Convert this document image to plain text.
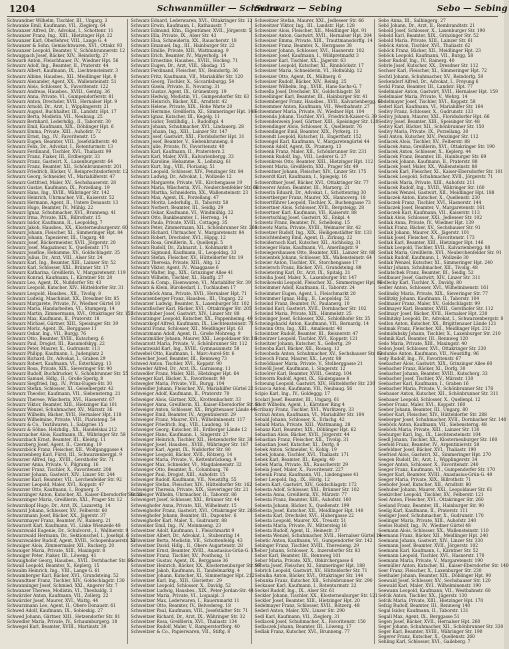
1204	Schwanmüller — Schwarz
Schwarz — Sebing	Sebo — Sebing
Schwandner Wilhelm, Tischler, III., Ungarg. 3
Schwanke Emil, Kaufmann, VII., Zieglerg. 64
Schwanzer Alfred, Dr., Advokat, I., Schottenr. 11
Schwanzer Franz, Ing., XIII., Hietzinger Hpt. 22
Schwanzer Karl, Oberlehrer, VIII., Lange G. 4
Schwanzer & Sohn, Gemischtwaren, XVI., Ottakr. 93
Schwanzer Leopold, Beamter, V., Schönbrunnerstr. 12
Schwappach Josef, Bäcker, XIV., Reindorfg. 27
Schwarb Anton, Fleischhauer, IV., Wiedner Hpt. 56
Schwarz Adolf, Ing., Beamter, II., Praterstr. 44
Schwarz Albert, Kaufmann, IX., Liechtensteinstr. 3
Schwarz Albine, Hausbes., XII., Meidlinger Hpt. 8
Schwarz Alexander, Agent, XX., Wallensteinstr. 51
Schwarz Alois, Schlosser, X., Favoritenstr. 122
Schwarz Andreas, Hausbes., XVIII., Gentzg. 36
Schwarz Anna, Private, VI., Gumpendorferstr. 81
Schwarz Anton, Drechsler, XVII., Hernalser Hpt. 9
Schwarz Arnold, Dr., Arzt, I., Wipplingerstr. 21
Schwarz August, Buchhalter, III., Landstr. Hpt. 17
Schwarz Berta, Modistin, VII., Neubaug. 25
Schwarz Bernhard, Lederhdlg., II., Taborstr. 30
Schwarz Emil, Kaufmann, XIX., Döblinger Hpt. 6
Schwarz Emma, Private, XIII., Auhofstr. 72
Schwarz Ernst, Ing., IV., Favoritenstr. 15
Schwarz Eugen, Beamter, VIII., Josefstädterstr. 40
Schwarz Felix, Dr., Advokat, I., Rotenturmstr. 13
Schwarz Ferdinand, Tischler, XVI., Thaliastr. 99
Schwarz Franz, Fiaker, III., Erdbergstr. 33
Schwarz Franz, Gastwirt, X., Laxenburgerstr. 64
Schwarz Franz, Beamter, XII., Schönbrunnerstr. 201
Schwarz Friedrich, Bäcker, V., Reinprechtsdorferstr. 12
Schwarz Georg, Schneider, VI., Mariahilferstr. 47
Schwarz Gottfried, Maler, XV., Sechshauserstr. 28
Schwarz Gustav, Kaufmann, IX., Porzellang. 19
Schwarz Hans, Ing., XVIII., Währinger Str. 142
Schwarz Heinrich, Uhrmacher, VII., Kaiserstr. 52
Schwarz Hermann, Agent, II., Untere Donaustr. 13
Schwarz Hugo, Beamter, IV., Mühlg. 22
Schwarz Ignaz, Schuhmacher, XVI., Brunneng. 41
Schwarz Irma, Private, XIX., Billrothstr. 15
Schwarz Isidor, Kaufmann, II., Leopoldsg. 7
Schwarz Jakob, Hausbes., XX., Klosterneuburgerstr. 60
Schwarz Johann, Fleischer, XI., Simmeringer Hpt. 84
Schwarz Johann, Tapezierer, III., Ungarg. 48
Schwarz Josef, Bäckermeister, XVII., Jörgerstr. 20
Schwarz Josef, Magazineur, X., Quellenstr. 171
Schwarz Josefine, Hebamme, XV., Goldschlagstr. 35
Schwarz Julius, Dr., Arzt, VIII., Alser Str. 24
Schwarz Karl, Ing., Beamter, XIII., Lainzer Str. 52
Schwarz Karl, Schlosser, XXI., Brünner Str. 17
Schwarz Katharina, Greißlerin, V., Margaretenstr. 119
Schwarz Konrad, Kaufmann, I., Kärntner Str. 28
Schwarz Leo, Agent, IX., Nußdorfer Str. 43
Schwarz Leopold, Kutscher, XIV., Hütteldorfer Str. 31
Schwarz Leopold, Hausbes., XII., Tivolig. 8
Schwarz Ludwig, Maschinist, XX., Dresdner Str. 85
Schwarz Margarete, Private, IV., Wiedner Gürtel 10
Schwarz Maria, Handarbeiten, VI., Stumperg. 14
Schwarz Martin, Zimmermann, XVI., Ottakringer Str. 152
Schwarz Max, Kaufmann, II., Praterstr. 18
Schwarz Michael, Gärtner, XIII., Speisinger Str. 39
Schwarz Moriz, Agent, IX., Berggasse 11
Schwarz Oskar, Ing., VII., Burgg. 76
Schwarz Otto, Beamter, XVIII., Kutscherg. 6
Schwarz Paul, Drogist, III., Rasumofskyg. 22
Schwarz Peter, Maurer, X., Gudrunstr. 113
Schwarz Philipp, Kaufmann, I., Judenplatz 2
Schwarz Richard, Dr., Advokat, I., Graben 29
Schwarz Robert, Kaufmann, VI., Esterházyg. 13
Schwarz Rosa, Private, XIX., Sieveringer Str. 90
Schwarz Rudolf, Buchdrucker, V., Schönbrunner Str. 55
Schwarz Samuel, Hdlg., II., Große Sperlg. 8
Schwarz Siegfried, Ing., IV., Prinz-Eugen-Str. 30
Schwarz Stefan, Schlosser, XI., Geiselbergstr. 42
Schwarz Theodor, Kaufmann, VII., Siebensterng. 21
Schwarz Therese, Wäscherin, XVI., Hasnerstr. 67
Schwarz Viktor, Beamter, XIII., Hietzinger Kai 101
Schwarz Wenzel, Schuhmacher, XV., Märzstr. 36
Schwarz Wilhelm, Bäcker, XVII., Hernalser Hpt. 118
Schwarz Wilhelmine, Private, VIII., Piaristeng. 54
Schwarz & Co., Textilwaren, I., Salzgries 15
Schwarz & Söhne, Holzhdlg., XX., Handelskai 212
Schwarzacher Alois, Kaufmann, IX., Währinger Str. 58
Schwarzbach Ernst, Beamter, III., Kleistg. 11
Schwarzberg Josef, Agent, II., Czerning. 19
Schwarzböck Franz, Fleischer, XII., Wolfganggasse 4
Schwarzenberg Karl, Fürst, III., Schwarzenbergpl. 9
Schwarzer Alfred, Ing., XVIII., Gersthofer Str. 71
Schwarzer Anna, Private, V., Pilgramg. 16
Schwarzer Franz, Tischler, X., Favoritenstr. 208
Schwarzer Johann, Gastwirt, XIV., Linzer Str. 244
Schwarzer Karl, Beamter, VII., Lerchenfelder Str. 92
Schwarzer Leopold, Maler, XVI., Koppstr. 47
Schwarzer Otto, Kaufmann, I., Bognerg. 5
Schwarzinger Anton, Kutscher, XI., Kaiser-Ebersdorfer Str. 23
Schwarzinger Maria, Greißlerin, XXI., Prager Str. 12
Schwarzkopf Hugo, Dr., Arzt, IX., Lazarettg. 14
Schwarzl Johann, Schlosser, XV., Felberstr. 60
Schwarzmann Josef, Bäcker, XX., Jägerstr. 37
Schwarzmayer Franz, Beamter, IV., Rainerg. 21
Schwarzott Karl, Kaufmann, VI., Linke Wienzeile 48
Schwarzwald Eugenie, Dr., Schulvorst., I., Wallnerstr. 9
Schwarzwald Hermann, Dr., Sektionschef, I., Josefspl. 6
Schwarzwalder Rudolf, Agent, XVIII., Schopenhauerstr. 33
Schwaiger Alois, Zimmermaler, XII., Ruckerg. 20
Schwaiger Maria, Private, XIII., Maxingstr. 8
Schwaiger Peter, Fiaker, III., Löweng. 41
Schwaighofer Georg, Hausbes., XVII., Dornbacher Str. 66
Schwall Leopold, Beamter, X., Keplerg. 15
Schwalm Heinrich, Ing., VIII., Lange G. 61
Schwamberger Karl, Bäcker, XVI., Grundsteing. 52
Schwandtner Franz, Tischler, XIV., Goldschlagstr. 130
Schwanninger Josef, Schmied, XXI., Angerer Str. 7
Schwanzer Therese, Modistin, VI., Theobaldg. 3
Schwärzler Anton, Kaufmann, VII., Zollerg. 22
Schwärzler Josef, Maurer, XVI., Wattg. 44
Schwarzmann Leo, Agent, II., Obere Donaustr. 61
Schwed Adolf, Kaufmann, IX., Sobieskig. 27
Schwed Johann, Gärtner, XIII., Hetzendorfer Str. 81
Schwedler Maria, Private, IV., Schaumburgerg. 18
Schwegel Karl, Beamter, XVIII., Martinstr. 39
Schwarz Eduard, Lederwaren, XVI., Ottakringer Str. 12
Schwarz Erwin, Kaufmann, I., Rathausstr. 7
Schwarz Edmund, Kfm., Eigentümer, XVII., Jörgerstr. 5
Schwarz Ella, Private, IX., Alser Str. 43
Schwarz Elsa, Schneiderin, XX., Rauscherstr. 18
Schwarz Emanuel, Ing., III., Hainburger Str. 22
Schwarz Emilie, Private, XIII., Wattmanng. 9
Schwarz Erich, Beamter, IV., Mayerhofg. 14
Schwarz Ernestine, Hausbes., XVIII., Hockeg. 71
Schwarz Eugen, Dr., Arzt, VIII., Skodag. 15
Schwarz Ferdinand, Fleischer, XV., Reindorfg. 36
Schwarz Fritz, Kaufmann, VII., Mariahilfer Str. 120
Schwarz Georg, Tischler, X., Siccardsburgg. 54
Schwarz Gisela, Private, II., Novarag. 31
Schwarz Gustav, Agent, IX., Grünentorg. 19
Schwarz Hedwig, Modistin, VI., Gumpendorfer Str. 63
Schwarz Heinrich, Bäcker, XII., Arndtstr. 42
Schwarz Helene, Private, XIX., Hohe Warte 20
Schwarz Hermine, Greißlerin, XI., Simmeringer Hpt. 148
Schwarz Ignaz, Kutscher, III., Kegelg. 11
Schwarz Isidor, Textilhdlg., I., Rudolfspl. 4
Schwarz Johann, Schuhmacher, XVI., Lindauerg. 28
Schwarz Johann, Ing., XIII., Lainzer Str. 147
Schwarz Josef, Gastwirt, XXI., Floridsdorfer Hpt. 31
Schwarz Josef, Beamter, V., Siebenbrunneng. 8
Schwarz Julie, Private, IV., Favoritenstr. 40
Schwarz Karl, Kaufmann, II., Praterstern 2
Schwarz Karl, Maler, XVII., Kalvarienbergg. 33
Schwarz Karoline, Hebamme, X., Leibnizg. 61
Schwarz Kurt, Ing., VIII., Florianig. 51
Schwarz Leopold, Schlosser, XIV., Penzinger Str. 84
Schwarz Ludwig, Dr., Advokat, I., Wollzeile 12
Schwarz Margarete, Private, VII., Kirchengasse 19
Schwarz Maria, Wäscherin, XVI., Neulerchenfelder Str. 66
Schwarz Martha, Schneiderin, XX., Wallensteinstr. 23
Schwarz Max, Agent, IX., Porzellang. 47
Schwarz Moritz, Lederhdlg., II., Taborstr. 58
Schwarz Norbert, Beamter, III., Seidlg. 29
Schwarz Oskar, Kaufmann, VI., Windmühlg. 22
Schwarz Otto, Bankbeamter, I., Herreng. 14
Schwarz Paula, Private, XVIII., Cottageg. 35
Schwarz Peter, Zimmermann, XII., Schönbrunner Str. 260
Schwarz Richard, Uhrmacher, V., Margaretenstr. 84
Schwarz Robert, Drechsler, XVI., Hippg. 12
Schwarz Rosa, Greißlerin, X., Quellenpl. 5
Schwarz Rudolf, Dr., Zahnarzt, I., Kohlmarkt 8
Schwarz Sigmund, Kaufmann, II., Leopoldsg. 33
Schwarz Stefan, Fleischer, XV., Hütteldorfer Str. 19
Schwarz Theresia, Private, XIII., Altg. 12
Schwarz Viktor, Agent, IV., Waaggasse 6
Schwarz Walter, Ing., XIX., Grinzinger Allee 41
Schwarz Wilhelm, Tischler, XI., Hauffg. 27
Schwarz & Comp., Eisenwaren, VI., Mariahilfer Str. 39
Schwarz & Klein, Bürobedarf, I., Tuchlauben 17
Schwarzböck Anna, Private, XVII., Hernalser Hpt. 71
Schwarzenberger Franz, Hausbes., III., Ungarg. 22
Schwarzer Ludwig, Beamter, X., Laxenburger Str. 102
Schwarzfischer Karl, Bäcker, XVI., Ottakringer Str. 205
Schwarzhuber Josef, Gastwirt, XIV., Linzer Str. 88
Schwarzinger Leopold, Kutscher, XX., Pappenheimg. 40
Schwarzkopf Alfred, Kaufmann, IX., Liechtensteinstr. 71
Schwarzl Franz, Schlosser, XII., Meidlinger Hpt. 63
Schwarzmann Adolf, Agent, II., Große Mohreng. 9
Schwarzmüller Johann, Maurer, XXI., Leopoldauer Str. 18
Schwarzott Maria, Private, V., Schönbrunner Str. 112
Schwarzwald Karl, Ing., XVIII., Gymnasiumstr. 58
Schwebel Otto, Kaufmann, I., Marc-Aurel-Str. 6
Schwecher Josef, Beamter, III., Rennweg 73
Schwed Anton, Tischler, XVI., Koppstr. 90
Schweder Alfred, Dr., Arzt, IX., Garnisong. 11
Schwedler Franz, Maler, XIII., Hietzinger Hpt. 64
Schweger Karl, Bäcker, X., Favoritenstr. 98
Schwegler Maria, Private, VII., Burgg. 104
Schweidler Johann, Fleischer, XV., Mariahilfer Gürtel 22
Schweiger Adolf, Kaufmann, II., Praterstr. 70
Schweiger Alois, Gärtner, XIX., Krottenbachstr. 33
Schweiger Anna, Greißlerin, XI., Kaiser-Ebersdorfer Str. 61
Schweiger Anton, Schlosser, XX., Brigittenauer Lände 44
Schweiger Emil, Beamter, IV., Argentinierstr. 29
Schweiger Franz, Maurer, XVI., Wilhelminenstr. 117
Schweiger Friedrich, Ing., VIII., Laudong. 16
Schweiger Georg, Kutscher, III., Erdberger Lände 12
Schweiger Hans, Kaufmann, I., Singerstr. 27
Schweiger Heinrich, Tischler, XII., Hetzendorfer Str. 38
Schweiger Josef, Hausbes., XVIII., Währinger Str. 187
Schweiger Karl, Agent, IX., Nußdorfer Str. 80
Schweiger Leopold, Bäcker, XVII., Rötzerg. 14
Schweiger Maria, Private, V., Kettenbrückeng. 9
Schweiger Max, Schneider, VI., Magdalenenstr. 32
Schweiger Otto, Beamter, X., Columbusg. 76
Schweiger Paul, Drogist, XIII., Auhofstr. 15
Schweiger Rudolf, Kaufmann, VII., Neustiftg. 55
Schweiger Stefan, Fleischer, XIV., Hütteldorfer Str. 162
Schweiger Theresia, Private, XIX., Sieveringer Str. 21
Schweiger Wilhelm, Uhrmacher, II., Taborstr. 86
Schweigert Josef, Schlosser, XXI., Brünner Str. 44
Schweighofer Anna, Private, XII., Wilhelmstr. 15
Schweighofer Franz, Gastwirt, XVI., Ottakringer Str. 261
Schweighofer Johann, Beamter, III., Dapontег. 6
Schweighofer Karl, Maler, X., Gudrunstr. 88
Schweiker Emil, Ing., IV., Mommseng. 23
Schweitzer Adolf, Kaufmann, I., Fleischmarkt 9
Schweitzer Albert, Dr., Advokat, I., Stubenring 14
Schweitzer Berta, Modistin, VII., Schottenfeldg. 43
Schweitzer David, Hdlg., II., Obere Augartenstr. 28
Schweitzer Ernst, Beamter, XVIII., Anastasius-Grün-G. 17
Schweitzer Franz, Tischler, XV., Pouthong. 11
Schweitzer Gustav, Agent, IX., Berggasse 36
Schweitzer Heinrich, Bäcker, XX., Klosterneuburger Str. 97
Schweitzer Jakob, Kaufmann, II., Tandelmarktg. 4
Schweitzer Johann, Kutscher, XI., Simmeringer Hpt. 212
Schweitzer Karl, Ing., XIII., Gloriettег. 29
Schweitzer Leopold, Schlosser, X., Davidg. 52
Schweitzer Ludwig, Hausbes., XIX., Peter-Jordan-Str. 44
Schweitzer Maria, Private, VI., Loquaipl. 3
Schweitzer Max, Lederwaren, I., Bauernmarkt 11
Schweitzer Otto, Beamter, IV., Belvedereg. 18
Schweitzer Paul, Kaufmann, VIII., Josefstädter Str. 71
Schweitzer Richard, Dr., Arzt, IX., Währinger Str. 32
Schweitzer Rosa, Greißlerin, XVI., Thaliastr. 134
Schweitzer Rudolf, Maler, V., Ramperstorfferg. 40
Schweitzer & Co., Papierwaren, VII., Stiftg. 8
Schweitzer Stefan, Maurer, XXI., Jedleseer Str. 66
Schweitzer Viktor, Ing., III., Landstr. Hpt. 128
Schweizer Alois, Fleischer, XII., Meidlinger Hpt. 91
Schweizer Anton, Gastwirt, XVII., Hernalser Hpt. 204
Schweizer Emma, Private, XIII., Trauttmansdorffg. 14
Schweizer Franz, Beamter, X., Herzgasse 38
Schweizer Johann, Schlosser, XVI., Hasnerstr. 102
Schweizer Josef, Kaufmann, I., Wildpretmarkt 3
Schweizer Karl, Tischler, XX., Jägerstr. 63
Schweizer Leopold, Kutscher, XI., Rinnböckstr. 17
Schweizer Maria, Schneiderin, VI., Hofmühlg. 12
Schweizer Otto, Agent, IX., Müllnerg. 6
Schweizer Rudolf, Bäcker, XIV., Reinlg. 25
Schweizer Wilhelm, Ing., XVIII., Hans-Sachs-G. 7
Schwella Josef, Drechsler, XV., Goldschlagstr. 58
Schwellinger Karl, Beamter, III., Hainburger Str. 41
Schwemberger Franz, Hausbes., XVII., Kalvarienbergg. 61
Schwemmer Anton, Kaufmann, VII., Westbahnstr. 27
Schwemmer Maria, Private, IV., Wiedner Hpt. 104
Schwenda Johann, Tischler, XVI., Friedrich-Kaiser-G. 39
Schwendenwein Josef, Gärtner, XIII., Speisinger Str. 120
Schwendinger Alois, Schlosser, X., Quellenstr. 76
Schwendinger Emil, Beamter, XIX., Pyrkerg. 11
Schwendt Leopold, Kutscher, II., Engerthstr. 152
Schwengel Karl, Kaufmann, V., Margaretengürtel 44
Schwenk Adolf, Agent, IX., Pramerg. 13
Schwenk Franz, Maler, XII., Schönbrunner Str. 231
Schwenk Rudolf, Ing., VIII., Lederer G. 27
Schwenkreis Otto, Beamter, XIII., Hietzinger Hpt. 112
Schwent Maria, Greißlerin, XXI., Prager Str. 49
Schwentner Johann, Fleischer, XIV., Linzer Str. 175
Schwerdt Karl, Kaufmann, I., Spiegelg. 16
Schwerdtner Josef, Bäcker, XVI., Ottakringer Str. 77
Schwerer Anton, Beamter, III., Marxerg. 21
Schwerin Eduard, Dr., Advokat, I., Schottenring 30
Schwertberger Franz, Maurer, XX., Hannoverg. 18
Schwertführer Leopold, Tischler, X., Buchengasse 73
Schwertner Alois, Schlosser, XVII., Bergsteigg. 28
Schwertner Karl, Kaufmann, VII., Kaiserstr. 88
Schwertschlag Josef, Gastwirt, XI., Enkpl. 4
Schwetz Franz, Beamter, IV., Schelleing. 15
Schwetz Maria, Private, XVIII., Weimarer Str. 42
Schwetzer Rudolf, Ing., XIX., Heiligenstädter Str. 133
Schwichtenberg Emil, Agent, II., Zirkusg. 22
Schwidernoch Karl, Kutscher, XII., Aichholzg. 31
Schwieger Hans, Kaufmann, VI., Amerlingstr. 9
Schwiegershausen Otto, Beamter, XIII., Lainzer Str. 88
Schwientek Johann, Schlosser, XX., Wallensteinstr. 64
Schwier Anton, Tischler, XV., Storchengasse 17
Schwiersch Franz, Bäcker, XVI., Grundsteing. 88
Schwietering Karl, Dr., Arzt, IX., Spitalg. 21
Schwiha Josef, Maler, X., Laxenburger Str. 147
Schwikowski Leopold, Fleischer, XI., Simmeringer Hpt. 96
Schwimmer Adolf, Kaufmann, II., Taborstr. 24
Schwimmer Eugen, Agent, I., Fleischmarkt 20
Schwimmer Ignaz, Hdlg., II., Leopoldsg. 52
Schwind Franz, Beamter, IV., Paulanerg. 10
Schwind Karl, Gastwirt, XVII., Dornbacher Str. 102
Schwind Maria, Private, XIX., Himmelstr. 25
Schwinger Josef, Schlosser, XXI., Schloßhofer Str. 35
Schwingshackl Anton, Kaufmann, VII., Bernardg. 14
Schwinn Otto, Ing., XIII., Amalienstr. 40
Schwintzer Rudolf, Beamter, III., Reisnerstr. 47
Schwirzer Leopold, Tischler, XVI., Koppstr. 121
Schwitzer Johann, Kutscher, X., Gellertg. 29
Schwoba Karl, Bäcker, XII., Rosasg. 12
Schwoboda Anton, Schuhmacher, XV., Sechshauser Str. 62
Schwoch Franz, Maurer, XX., Leystr. 88
Schwödiauer Maria, Private, V., Stolberggasse 21
Schwöll Josef, Kaufmann, I., Singerstr. 12
Schwörer Karl, Beamter, XVIII., Gentzg. 104
Schworm Rudolf, Agent, IX., Säulengasse 8
Schwung Leopold, Gastwirt, XIV., Hütteldorfer Str. 230
Sciacca Anton, Kaufmann, VII., Neubaug. 56
Scipio Karl, Ing., IV., Goldeggg. 17
Scolari Josef, Beamter, III., Ungarg. 61
Scott Wilhelm, Agent, I., Kärntner Ring 4
Scribany Franz, Tischler, XVI., Wurlitzerg. 33
Scrinzi Anton, Kaufmann, VI., Mariahilfer Str. 104
Sebald Johann, Schlosser, X., Erlachg. 42
Sebald Maria, Private, XIII., Wattmanng. 28
Sebanz Karl, Beamter, XIX., Döblinger Hpt. 62
Sebastian Alois, Bäcker, XVII., Jörgerstr. 44
Sebastian Franz, Fleischer, XII., Tivolig. 31
Sebastian Josef, Kutscher, XI., Dorfg. 8
Sebek Anton, Schneider, V., Kohlg. 19
Sebek Johann, Tischler, XVI., Thaliastr. 171
Sebek Karl, Beamter, III., Kegelg. 40
Sebek Maria, Private, XX., Rauscherstr. 29
Sebela Josef, Maler, X., Favoritenstr. 227
Sebenik Franz, Kaufmann, VII., Lindengasse 41
Seber Leopold, Ing., IX., Hörlg. 12
Sebera Karl, Gastwirt, XIV., Goldschlagstr. 172
Sebesta Adolf, Schlosser, XXI., Brünner Str. 102
Sebesta Anna, Greißlerin, XV., Märzstr. 77
Sebesta Franz, Beamter, XIII., Auhofstr. 160
Sebesta Johann, Bäcker, X., Quellenstr. 199
Sebesta Josef, Kutscher, XII., Meidlinger Hpt. 140
Sebesta Karl, Drechsler, XVI., Hubergasse 22
Sebesta Leopold, Maurer, XX., Treustr. 51
Sebesta Maria, Private, IV., Mittersteig 16
Sebesta Rudolf, Agent, II., Heinestr. 37
Sebesta Wenzel, Schuhmacher, XVII., Hernalser Gürtel 14
Sebetic Anton, Kaufmann, VI., Gumpendorfer Str. 142
Sebinger Franz, Tischler, XVIII., Theresieng. 29
Sebor Johann, Schlosser, X., Inzersdorfer Str. 83
Sebor Karl, Beamter, III., Rennweg 101
Sebor Maria, Private, XIX., Obkirchergasse 6
Sebota Josef, Fleischer, XI., Simmeringer Hpt. 188
Sebrich Leopold, Gastwirt, XV., Hütteldorfer Str. 71
Sebulka Anton, Bäcker, XVI., Ottakringer Str. 144
Sebunka Franz, Kutscher, XII., Schönbrunner Str. 290
Seckauer Karl, Kaufmann, I., Rotenturmstr. 22
Seckel Rudolf, Ing., IX., Alser Str. 61
Seckler Johann, Tischler, XX., Klosterneuburger Str. 121
Seckler Josef, Beamter, XIII., Hietzinger Hpt. 20
Sedelmayer Franz, Schlosser, XVII., Rötzerg. 48
Sederl Anton, Maler, XIV., Linzer Str. 290
Sedl Karl, Kaufmann, VII., Zieglerg. 31
Sedlacek Josef, Schuhmacher, X., Favoritenstr. 150
Sedlaczek Johann, Beamter, III., Löweng. 17
Sedlak Franz, Kutscher, XVI., Brunneng. 77
Sebo Anna, III., Salbingerg. 27
Sebö Johann, Dr., Arzt, II., Rembrandtstr. 21
Sebold Josef, Schlosser, X., Laxenburger Str. 190
Sebold Karl, Beamter, XIX., Grinzinger Str. 52
Sebold Maria, Private, XIII., Lainzer Str. 61
Seböck Anton, Tischler, XVI., Thaliastr. 62
Seböck Franz, Bäcker, XII., Meidlinger Hpt. 23
Seböck Leopold, Kaufmann, VII., Burgg. 58
Sebor Rudolf, Ing., IV., Rainerg. 40
Sebrle Josef, Kutscher, XX., Dresdner Str. 112
Sechser Karl, Fleischer, XI., Simmeringer Hpt. 72
Sechtl Johann, Schuhmacher, XV., Reindorfg. 50
Seckendorf Alfred, Dr., Advokat, I., Freyung 6
Seckl Franz, Beamter, III., Landstr. Hpt. 77
Sedelmaier Anton, Gastwirt, XVII., Hernalser Hpt. 159
Sedelmaier Maria, Private, V., Wehrg. 14
Sedelmayer Josef, Tischler, XVI., Koppstr. 58
Sederl Karl, Kaufmann, VI., Mariahilfer Str. 164
Sedivy Franz, Schlosser, X., Gudrunstr. 133
Sedivy Johann, Maurer, XXI., Floridsdorfer Hpt. 66
Sedivy Josef, Beamter, XIII., Speisinger Str. 48
Sedivy Karl, Bäcker, XII., Schönbrunner Str. 150
Sedivy Maria, Private, IX., Porzellang. 30
Sedl Anton, Kutscher, XIV., Penzinger Str. 112
Sedlacek Alois, Tischler, XV., Felberstr. 88
Sedlacek Anna, Greißlerin, XVI., Ottakringer Str. 190
Sedlacek Anton, Schlosser, X., Keplerg. 44
Sedlacek Franz, Beamter, III., Hainburger Str. 69
Sedlacek Johann, Kaufmann, II., Praterstr. 88
Sedlacek Josef, Maler, XX., Wallensteinstr. 88
Sedlacek Karl, Fleischer, XI., Kaiser-Ebersdorfer Str. 101
Sedlacek Leopold, Schuhmacher, XVII., Jörgerstr. 71
Sedlacek Maria, Private, XIII., Auhofstr. 211
Sedlacek Rudolf, Ing., XVIII., Währinger Str. 160
Sedlacek Wenzel, Gastwirt, XII., Meidlinger Hpt. 188
Sedlaczek Anton, Kutscher, X., Quellenstr. 230
Sedlaczek Franz, Tischler, XVI., Hasnerstr. 144
Sedlaczek Josef, Beamter, V., Margaretenstr. 161
Sedlaczek Karl, Kaufmann, VII., Kaiserstr. 113
Sedlak Alois, Schlosser, XXI., Jedleseer Str. 102
Sedlak Anna, Private, IV., Wiedner Hpt. 139
Sedlak Franz, Bäcker, XV., Sechshauser Str. 91
Sedlak Johann, Maurer, XX., Jägerstr. 101
Sedlak Josef, Fleischer, X., Favoritenstr. 173
Sedlak Karl, Beamter, XIII., Hietzinger Hpt. 146
Sedlak Leopold, Tischler, XVII., Kalvarienbergg. 88
Sedlak Maria, Greißlerin, XVI., Neulerchenfelder Str. 91
Sedlak Rudolf, Kaufmann, I., Wollzeile 30
Sedlak Wenzel, Kutscher, XI., Simmeringer Hpt. 240
Sedlar Johann, Schuhmacher, XII., Tivolig. 48
Sedlatschek Franz, Beamter, III., Seidlg. 52
Sedlbauer Josef, Gastwirt, XIV., Linzer Str. 311
Sedlecky Karl, Tischler, X., Davidg. 80
Sedler Anton, Schlosser, XVI., Wilhelminenstr. 161
Sedlinsky Maria, Private, XIX., Sieveringer Str. 77
Sedlitzky Johann, Kaufmann, II., Taborstr. 104
Sedlmaier Franz, Maler, XV., Goldschlagstr. 99
Sedlmayer Karl, Beamter, XVIII., Gersthofer Str. 112
Sedlmayr Josef, Bäcker, XVII., Hernalser Hpt. 230
Sedlnitzky Leopold, Dr., Advokat, I., Schwarzenbergstr. 8
Sedlon Anton, Kutscher, XX., Brigittenauer Lände 121
Sedmak Franz, Fleischer, XII., Meidlinger Hpt. 212
Sedmidubsky Johann, Tischler, X., Laxenburger Str. 210
Sedmik Karl, Beamter, III., Rennweg 120
Sedo Maria, Private, XIII., Maxingstr. 40
Sedon Josef, Schlosser, XVI., Ottakringer Str. 230
Sedunko Anton, Kaufmann, VII., Neustiftg. 96
Sedy Rudolf, Ing., IV., Favoritenstr. 67
Seebacher Alois, Gastwirt, XIX., Grinzinger Allee 60
Seebacher Franz, Bäcker, XI., Dorfg. 30
Seebacher Johann, Beamter, XVIII., Kutscherg. 33
Seebacher Josef, Tischler, XV., Märzstr. 130
Seebacher Karl, Kaufmann, I., Graben 16
Seebacher Maria, Private, V., Schönbrunner Str. 178
Seebauer Anton, Kutscher, XII., Schönbrunner Str. 311
Seebauer Leopold, Schlosser, X., Quellenpl. 12
Seeber Franz, Maler, XVI., Koppstr. 160
Seeber Johann, Beamter, III., Ungarg. 80
Seeber Karl, Fleischer, XIV., Hütteldorfer Str. 288
Seeberger Josef, Schuhmacher, XVII., Dornbacher Str. 140
Seeböck Anton, Kaufmann, VII., Siebensterng. 48
Seeböck Maria, Private, XIII., Lainzer Str. 130
Seeburger Karl, Ing., IX., Liechtensteinstr. 104
Seedl Johann, Tischler, XX., Klosterneuburger Str. 160
Seefeld Franz, Beamter, IV., Argentinierstr. 58
Seefeldner Josef, Bäcker, XVI., Thaliastr. 190
Seefried Alois, Gastwirt, XI., Simmeringer Hpt. 270
Seegen Rudolf, Dr., Arzt, I., Wipplingerstr. 34
Seeger Anton, Schlosser, X., Favoritenstr. 240
Seeger Franz, Kaufmann, VI., Gumpendorfer Str. 170
Seeger Karl, Beamter, XVIII., Anastasius-Grün-G. 49
Seeger Maria, Private, XIX., Billrothstr. 71
Seehofer Josef, Kutscher, XII., Arndtstr. 80
Seehuber Johann, Maurer, XXI., Leopoldauer Str. 61
Seekircher Leopold, Tischler, XV., Felberstr. 121
Seel Anton, Fleischer, XVI., Ottakringer Str. 260
Seeland Franz, Beamter, III., Hainburger Str. 90
Seelig Karl, Kaufmann, II., Praterstr. 111
Seeliger Josef, Schuhmacher, X., Gudrunstr. 170
Seelinger Maria, Private, XIII., Auhofstr. 240
Seelos Rudolf, Ing., IV., Wiedner Gürtel 48
Seemann Alois, Schlosser, XX., Wallensteinstr. 110
Seemann Franz, Bäcker, XII., Meidlinger Hpt. 240
Seemann Johann, Gastwirt, XIV., Linzer Str. 330
Seemann Josef, Beamter, XVII., Jörgerstr. 102
Seemann Karl, Kaufmann, I., Kärntner Str. 52
Seemann Leopold, Tischler, XVI., Hasnerstr. 170
Seemann Maria, Private, V., Margaretenstr. 190
Seemüller Anton, Kutscher, XI., Kaiser-Ebersdorfer Str. 140
Seer Franz, Fleischer, X., Laxenburger Str. 230
Seethaler Johann, Beamter, XIX., Döblinger Hpt. 90
Seewald Josef, Schlosser, XV., Sechshauser Str. 120
Seewald Karl, Maler, XVI., Wilhelminenstr. 190
Seewann Leopold, Kaufmann, VII., Westbahnstr. 60
Sefcik Anton, Tischler, XX., Jägerstr. 130
Sefcik Maria, Private, XIII., Hietzinger Hpt. 170
Sefzig Rudolf, Beamter, III., Rennweg 140
Segal Isidor, Kaufmann, II., Taborstr. 131
Segall Max, Agent, IX., Berggasse 51
Segen Josef, Bäcker, XVII., Hernalser Hpt. 260
Seger Johann, Schuhmacher, XII., Schönbrunner Str. 330
Seger Karl, Beamter, XVIII., Währinger Str. 190
Segerer Franz, Kutscher, X., Quellenstr. 260
Sehling Karl, Schlosser, XVI., Gaileberg. 7
